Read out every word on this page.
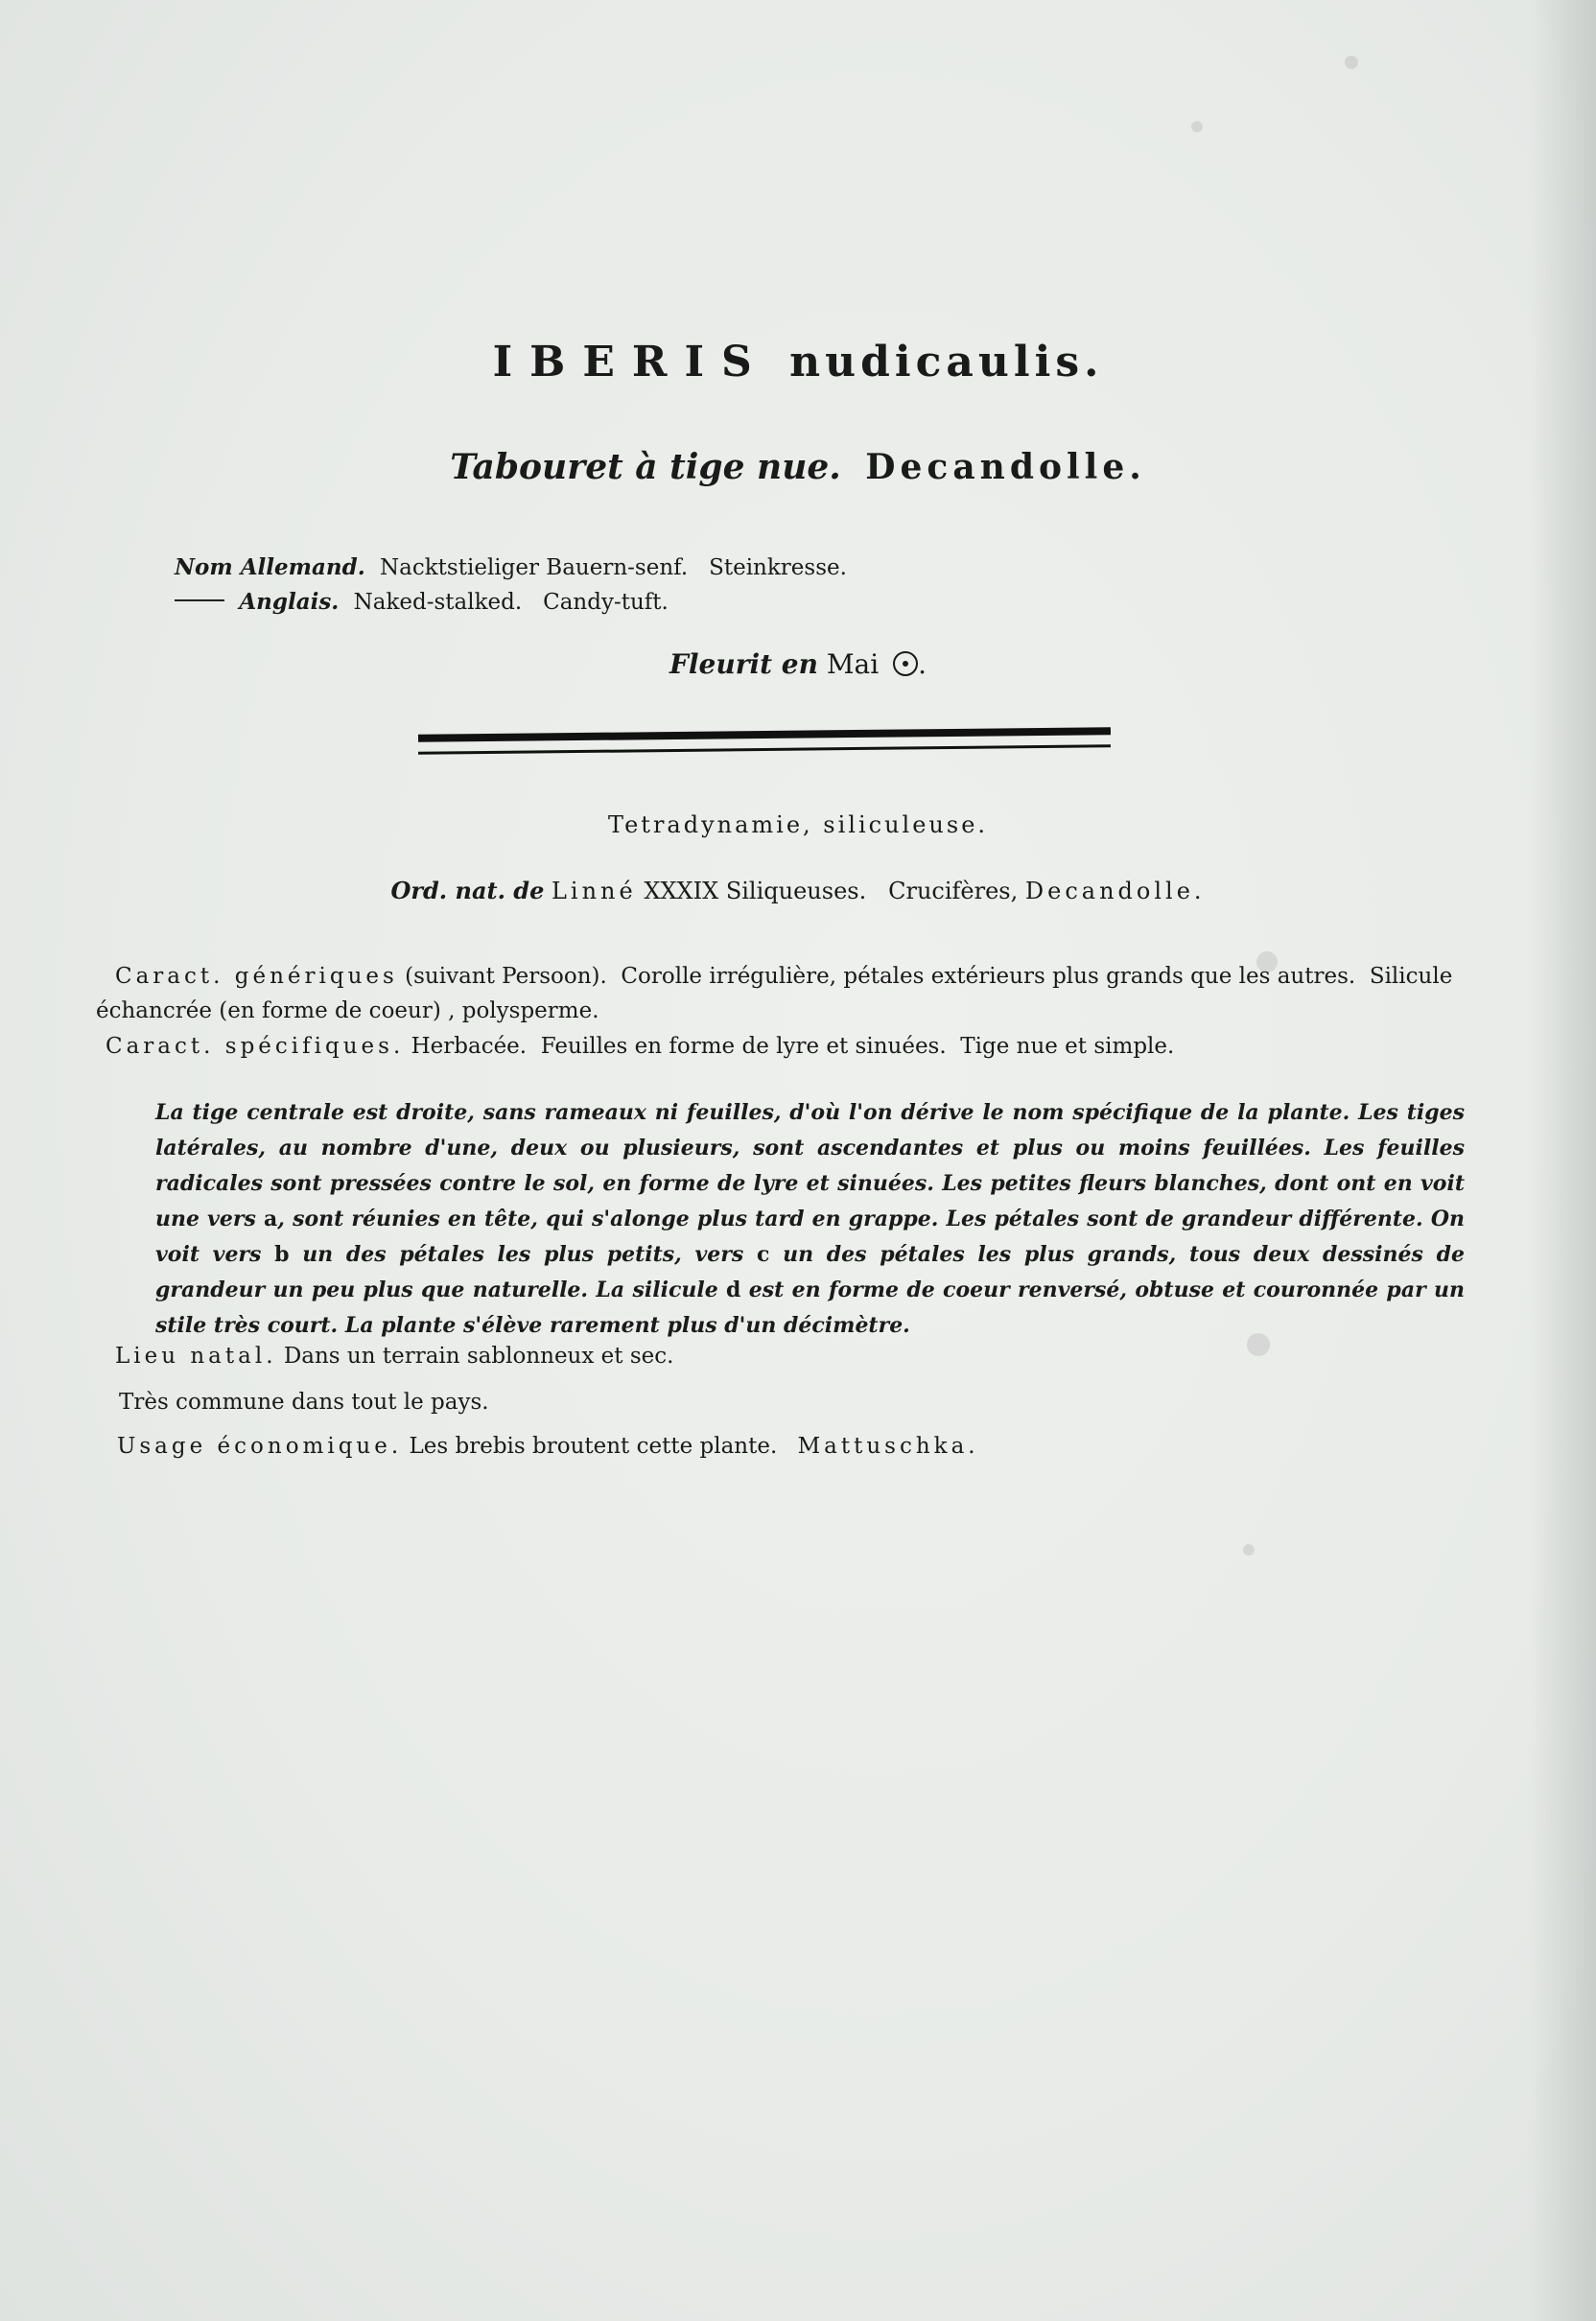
IBERIS nudicaulis.
Tabouret à tige nue. Decandolle.
Nom Allemand. Nacktstieliger Bauern-senf.   Steinkresse.
Anglais. Naked-stalked.   Candy-tuft.
Fleurit en Mai .
Tetradynamie, siliculeuse.
Ord. nat. de Linné XXXIX Siliqueuses.   Crucifères, Decandolle.
Caract. génériques (suivant Persoon).  Corolle irrégulière, pétales extérieurs plus grands que les autres.  Silicule échancrée (en forme de coeur) , polysperme.
Caract. spécifiques. Herbacée.  Feuilles en forme de lyre et sinuées.  Tige nue et simple.
La tige centrale est droite, sans rameaux ni feuilles, d'où l'on dérive le nom spécifique de la plante. Les tiges latérales, au nombre d'une, deux ou plusieurs, sont ascendantes et plus ou moins feuillées. Les feuilles radicales sont pressées contre le sol, en forme de lyre et sinuées. Les petites fleurs blanches, dont ont en voit une vers a, sont réunies en tête, qui s'alonge plus tard en grappe. Les pétales sont de grandeur différente. On voit vers b un des pétales les plus petits, vers c un des pétales les plus grands, tous deux dessinés de grandeur un peu plus que naturelle. La silicule d est en forme de coeur renversé, obtuse et couronnée par un stile très court. La plante s'élève rarement plus d'un décimètre.
Lieu natal. Dans un terrain sablonneux et sec.
Très commune dans tout le pays.
Usage économique. Les brebis broutent cette plante. Mattuschka.
